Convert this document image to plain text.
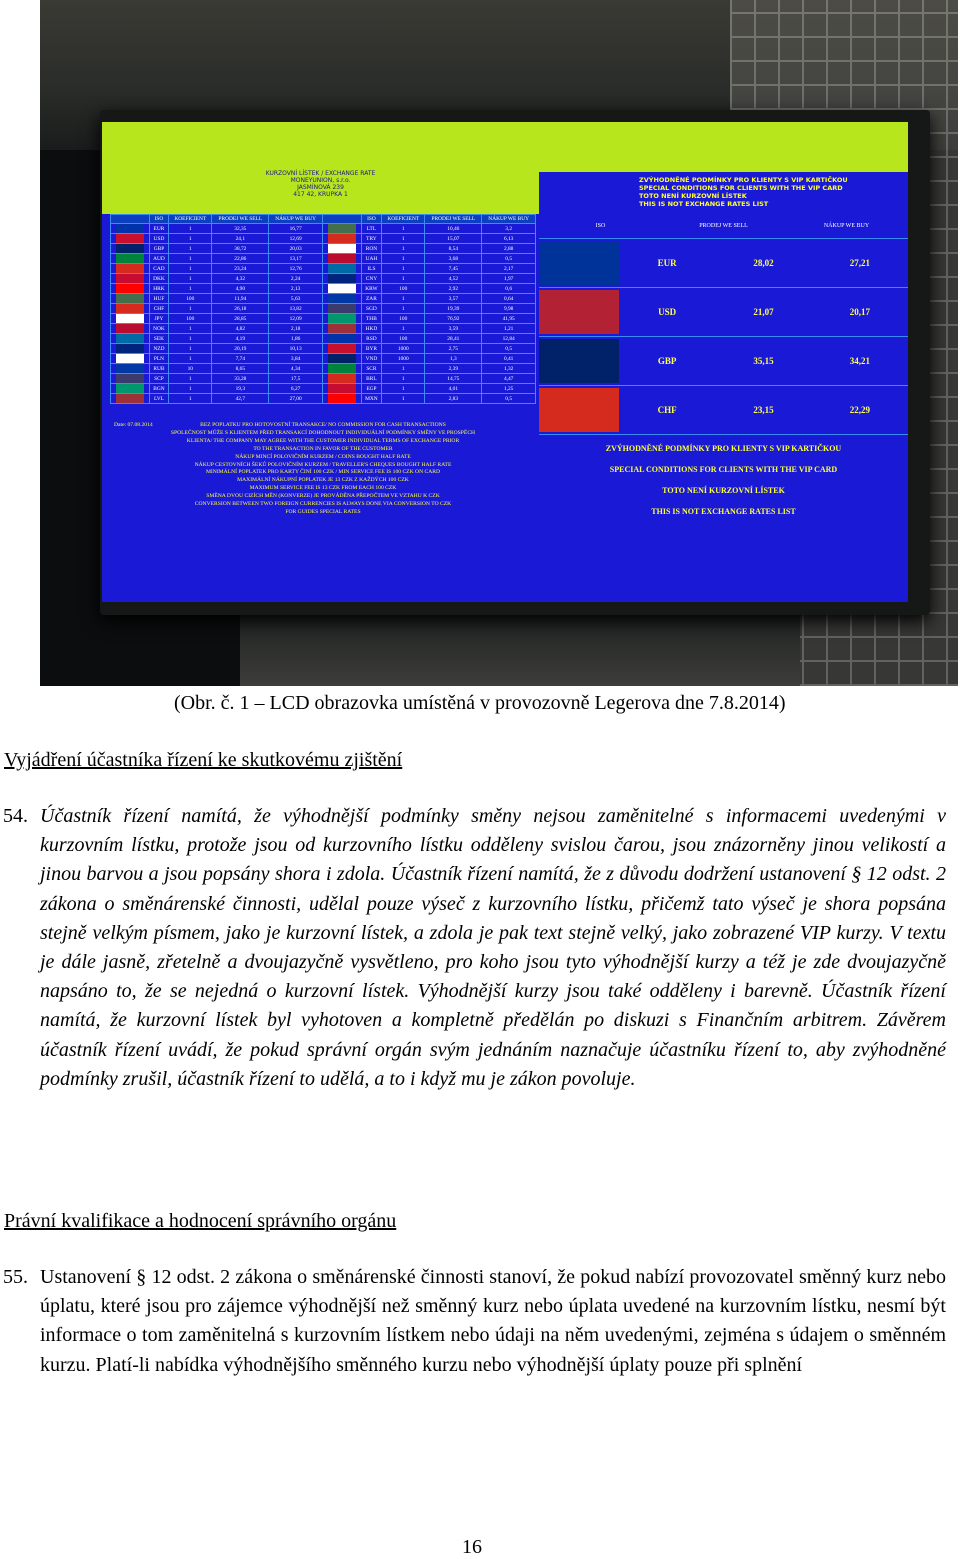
KURZOVNÍ LÍSTEK / EXCHANGE RATE
MONEYUNION, s.r.o.
JASMÍNOVÁ 239
417 42, KRUPKA 1
ZVÝHODNĚNÉ PODMÍNKY PRO KLIENTY S VIP KARTIČKOU
SPECIAL CONDITIONS FOR CLIENTS WITH THE VIP CARD
TOTO NENÍ KURZOVNÍ LÍSTEK
THIS IS NOT EXCHANGE RATES LIST
	ISO	KOEFICIENT	PRODEJ WE SELL	NÁKUP WE BUY		ISO	KOEFICIENT	PRODEJ WE SELL	NÁKUP WE BUY
	EUR	1	32,35	16,77		LTL	1	10,46	3,2
	USD	1	24,1	12,69		TRY	1	15,07	6,13
	GBP	1	38,72	20,03		RON	1	8,54	2,88
	AUD	1	22,86	13,17		UAH	1	3,68	0,5
	CAD	1	23,24	12,76		ILS	1	7,45	2,17
	DKK	1	4,32	2,24		CNY	1	4,52	1,97
	HRK	1	4,90	2,13		KRW	100	2,92	0,6
	HUF	100	11,94	5,63		ZAR	1	3,57	0,64
	CHF	1	26,18	13,82		SGD	1	19,39	9,98
	JPY	100	28,85	12,09		THB	100	76,92	41,95
	NOK	1	4,82	2,18		HKD	1	3,59	1,21
	SEK	1	4,19	1,86		RSD	100	28,41	12,84
	NZD	1	20,19	10,13		BYR	1000	2,75	0,5
	PLN	1	7,74	3,84		VND	1000	1,3	0,41
	RUB	10	8,65	4,34		SCR	1	2,39	1,32
	SCP	1	33,28	17,5		BRL	1	14,75	4,47
	BGN	1	19,3	6,27		EGP	1	4,01	1,25
	LVL	1	42,7	27,00		MXN	1	2,83	0,5
Date: 07.08.2014	BEZ POPLATKU PRO HOTOVOSTNÍ TRANSAKCE/ NO COMMISSION FOR CASH TRANSACTIONS
SPOLEČNOST MŮŽE S KLIENTEM PŘED TRANSAKCÍ DOHODNOUT INDIVIDUÁLNÍ PODMÍNKY SMĚNY VE PROSPĚCH
KLIENTA/ THE COMPANY MAY AGREE WITH THE CUSTOMER INDIVIDUAL TERMS OF EXCHANGE PRIOR
TO THE TRANSACTION IN FAVOR OF THE CUSTOMER
NÁKUP MINCÍ POLOVIČNÍM KURZEM / COINS BOUGHT HALF RATE
NÁKUP CESTOVNÍCH ŠEKŮ POLOVIČNÍM KURZEM / TRAVELLER'S CHEQUES BOUGHT HALF RATE
MINIMÁLNÍ POPLATEK PRO KARTY ČINÍ 100 CZK / MIN SERVICE FEE IS 100 CZK ON CARD
MAXIMÁLNÍ NÁKUPNÍ POPLATEK JE 13 CZK Z KAŽDÝCH 100 CZK
MAXIMUM SERVICE FEE IS 13 CZK FROM EACH 100 CZK
SMĚNA DVOU CIZÍCH MĚN (KONVERZE) JE PROVÁDĚNA PŘEPOČTEM VE VZTAHU K CZK
CONVERSION BETWEEN TWO FOREIGN CURRENCIES IS ALWAYS DONE VIA CONVERSION TO CZK
FOR GUIDES SPECIAL RATES
ISO	PRODEJ WE SELL	NÁKUP WE BUY
EUR	28,02	27,21
USD	21,07	20,17
GBP	35,15	34,21
CHF	23,15	22,29
ZVÝHODNĚNÉ PODMÍNKY PRO KLIENTY S VIP KARTIČKOU
SPECIAL CONDITIONS FOR CLIENTS WITH THE VIP CARD
TOTO NENÍ KURZOVNÍ LÍSTEK
THIS IS NOT EXCHANGE RATES LIST
(Obr. č. 1 – LCD obrazovka umístěná v provozovně Legerova dne 7.8.2014)
Vyjádření účastníka řízení ke skutkovému zjištění
54. Účastník řízení namítá, že výhodnější podmínky směny nejsou zaměnitelné s informacemi uvedenými v kurzovním lístku, protože jsou od kurzovního lístku odděleny svislou čarou, jsou znázorněny jinou velikostí a jinou barvou a jsou popsány shora i zdola. Účastník řízení namítá, že z důvodu dodržení ustanovení § 12 odst. 2 zákona o směnárenské činnosti, udělal pouze výseč z kurzovního lístku, přičemž tato výseč je shora popsána stejně velkým písmem, jako je kurzovní lístek, a zdola je pak text stejně velký, jako zobrazené VIP kurzy. V textu je dále jasně, zřetelně a dvoujazyčně vysvětleno, pro koho jsou tyto výhodnější kurzy a též je zde dvoujazyčně napsáno to, že se nejedná o kurzovní lístek. Výhodnější kurzy jsou také odděleny i barevně. Účastník řízení namítá, že kurzovní lístek byl vyhotoven a kompletně předělán po diskuzi s Finančním arbitrem. Závěrem účastník řízení uvádí, že pokud správní orgán svým jednáním naznačuje účastníku řízení to, aby zvýhodněné podmínky zrušil, účastník řízení to udělá, a to i když mu je zákon povoluje.
Právní kvalifikace a hodnocení správního orgánu
55. Ustanovení § 12 odst. 2 zákona o směnárenské činnosti stanoví, že pokud nabízí provozovatel směnný kurz nebo úplatu, které jsou pro zájemce výhodnější než směnný kurz nebo úplata uvedené na kurzovním lístku, nesmí být informace o tom zaměnitelná s kurzovním lístkem nebo údaji na něm uvedenými, zejména s údajem o směnném kurzu. Platí-li nabídka výhodnějšího směnného kurzu nebo výhodnější úplaty pouze při splnění
16
